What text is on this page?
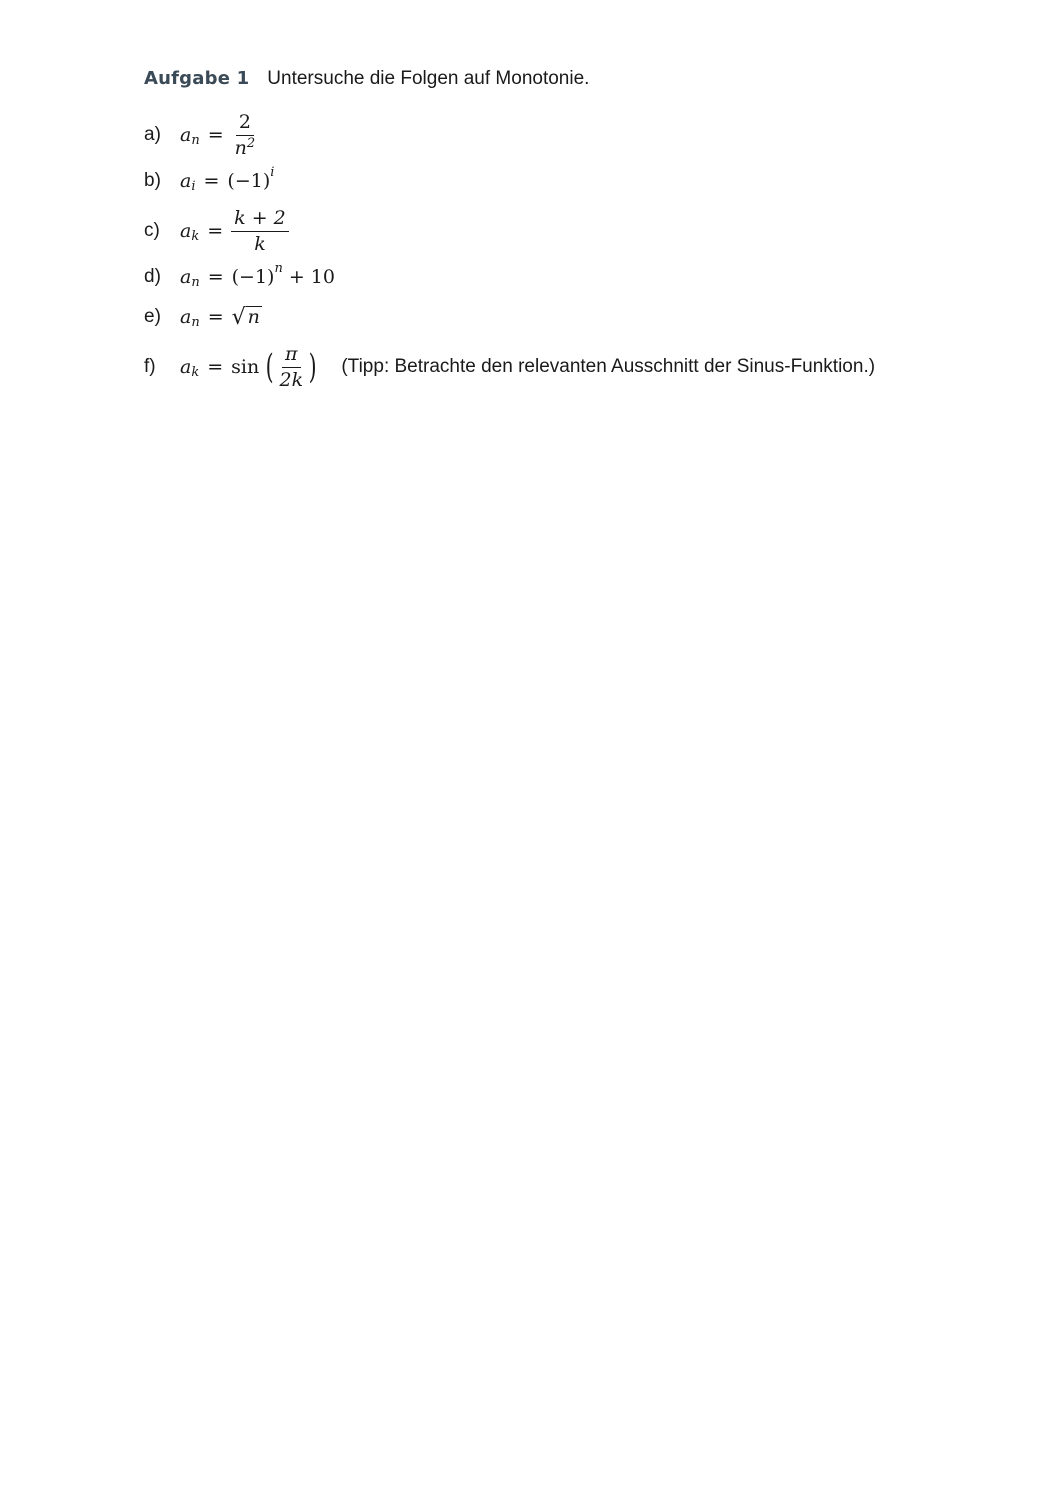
Aufgabe 1 Untersuche die Folgen auf Monotonie.
a)	a $n = \frac{2}{n^2}$
b)	a i = (−1) i
c)	a $k = \frac{k + 2}{k}$
d)	a n = (−1) n + 10
e)	a n = √ n
f)	a k = sin ( $\frac{\pi}{2k}$ ) (Tipp: Betrachte den relevanten Ausschnitt der Sinus-Funktion.)
